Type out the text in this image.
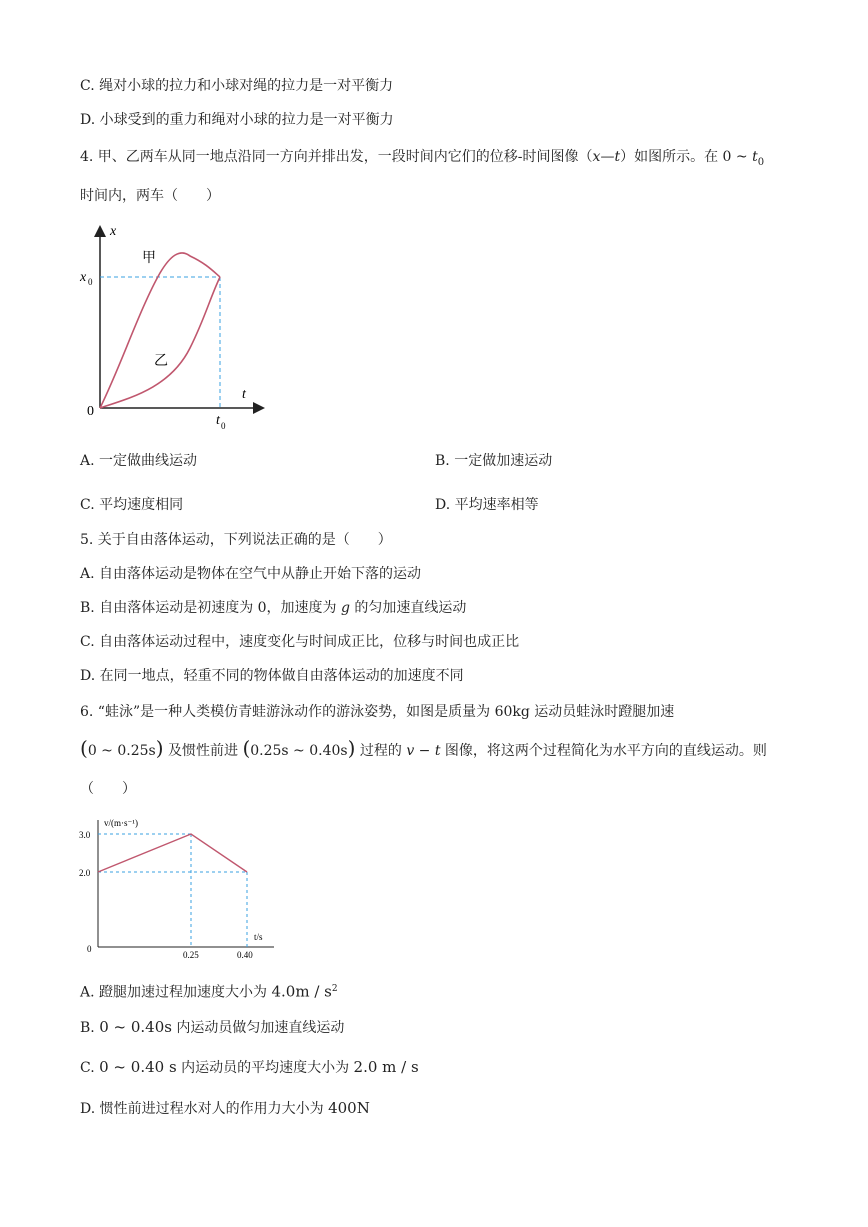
C. 绳对小球的拉力和小球对绳的拉力是一对平衡力
D. 小球受到的重力和绳对小球的拉力是一对平衡力
4. 甲、乙两车从同一地点沿同一方向并排出发，一段时间内它们的位移-时间图像（x—t）如图所示。在 0 ~ $t_0$
时间内，两车（　　）
x
t
0
x 0
t 0
甲
乙
A. 一定做曲线运动	B. 一定做加速运动
C. 平均速度相同	D. 平均速率相等
5. 关于自由落体运动，下列说法正确的是（　　）
A. 自由落体运动是物体在空气中从静止开始下落的运动
B. 自由落体运动是初速度为 0，加速度为 g 的匀加速直线运动
C. 自由落体运动过程中，速度变化与时间成正比，位移与时间也成正比
D. 在同一地点，轻重不同的物体做自由落体运动的加速度不同
6. “蛙泳”是一种人类模仿青蛙游泳动作的游泳姿势，如图是质量为 60kg 运动员蛙泳时蹬腿加速
(0 ~ 0.25s) 及惯性前进 (0.25s ~ 0.40s) 过程的 v − t 图像，将这两个过程简化为水平方向的直线运动。则
（　　）
v/(m·s⁻¹)
t/s
3.0
2.0
0
0.25	0.40
A. 蹬腿加速过程加速度大小为 $4.0m / s^2$
B. 0 ~ 0.40s 内运动员做匀加速直线运动
C. 0 ~ 0.40 s 内运动员的平均速度大小为 2.0 m / s
D. 惯性前进过程水对人的作用力大小为 400N
